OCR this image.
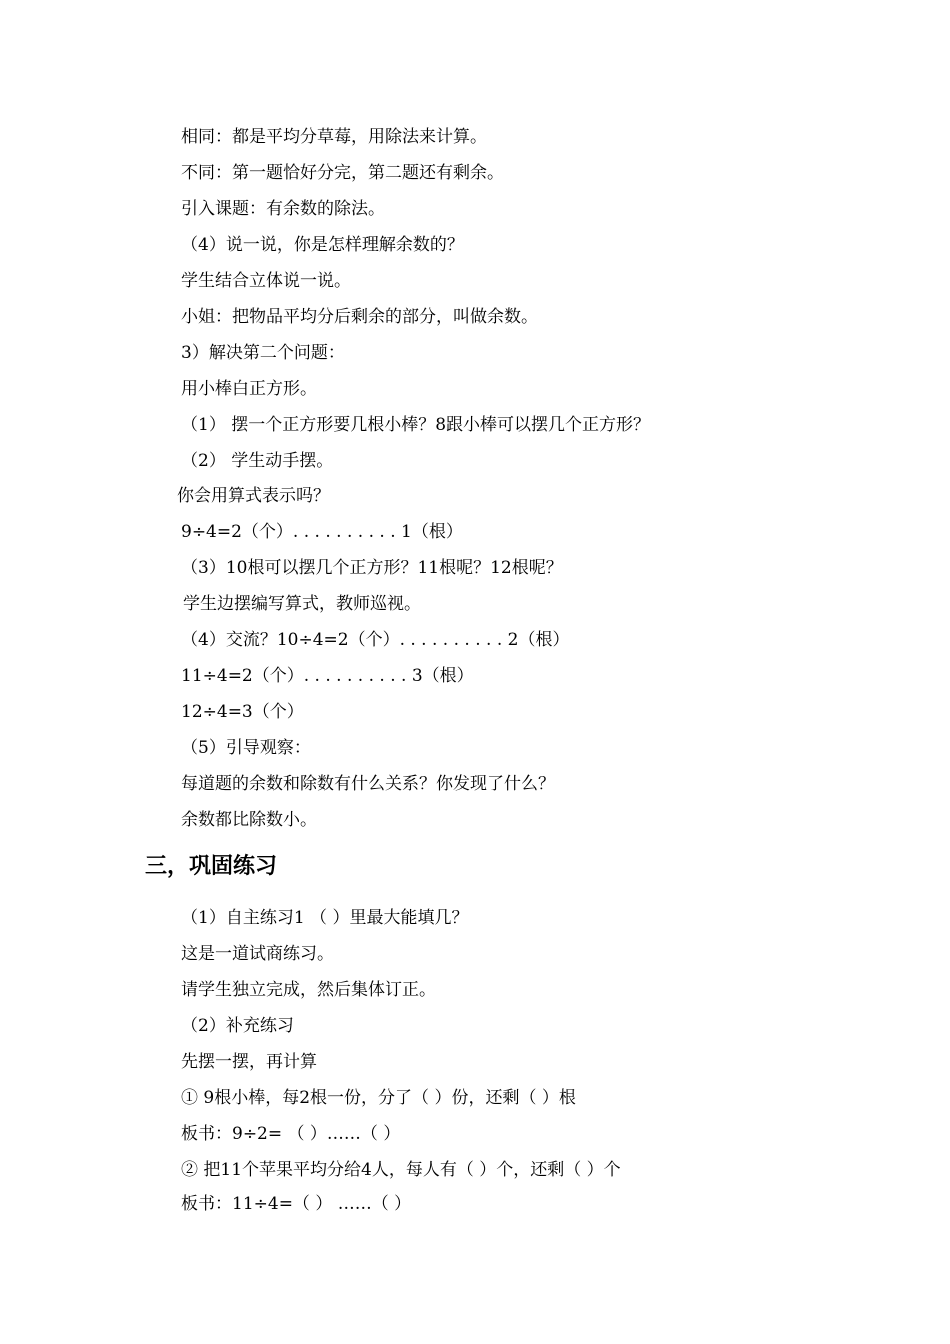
相同：都是平均分草莓，用除法来计算。
不同：第一题恰好分完，第二题还有剩余。
引入课题：有余数的除法。
（4）说一说，你是怎样理解余数的？
学生结合立体说一说。
小姐：把物品平均分后剩余的部分，叫做余数。
3）解决第二个问题：
用小棒白正方形。
（1） 摆一个正方形要几根小棒？8跟小棒可以摆几个正方形？
（2） 学生动手摆。
你会用算式表示吗？
9÷4=2（个）. . . . . . . . . . 1（根）
（3）10根可以摆几个正方形？11根呢？12根呢？
学生边摆编写算式，教师巡视。
（4）交流？10÷4=2（个）. . . . . . . . . . 2（根）
11÷4=2（个）. . . . . . . . . . 3（根）
12÷4=3（个）
（5）引导观察：
每道题的余数和除数有什么关系？你发现了什么？
余数都比除数小。
三，巩固练习
（1）自主练习1 （ ）里最大能填几？
这是一道试商练习。
请学生独立完成，然后集体订正。
（2）补充练习
先摆一摆，再计算
① 9根小棒，每2根一份，分了（ ）份，还剩（ ）根
板书：9÷2= （ ）……（ ）
② 把11个苹果平均分给4人，每人有（ ）个，还剩（ ）个
板书：11÷4=（ ） ……（ ）
